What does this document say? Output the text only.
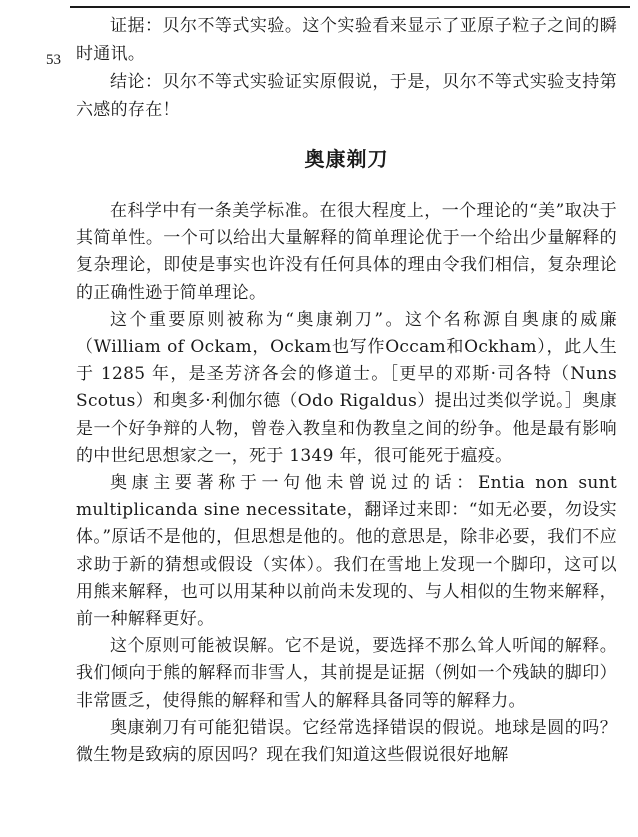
53

证据：贝尔不等式实验。这个实验看来显示了亚原子粒子之间的瞬时通讯。

结论：贝尔不等式实验证实原假说，于是，贝尔不等式实验支持第六感的存在！

奥康剃刀

在科学中有一条美学标准。在很大程度上，一个理论的“美”取决于其简单性。一个可以给出大量解释的简单理论优于一个给出少量解释的复杂理论，即使是事实也许没有任何具体的理由令我们相信，复杂理论的正确性逊于简单理论。

这个重要原则被称为“奥康剃刀”。这个名称源自奥康的威廉（William of Ockam，Ockam也写作Occam和Ockham），此人生于 1285 年，是圣芳济各会的修道士。［更早的邓斯·司各特（Nuns Scotus）和奥多·利伽尔德（Odo Rigaldus）提出过类似学说。］奥康是一个好争辩的人物，曾卷入教皇和伪教皇之间的纷争。他是最有影响的中世纪思想家之一，死于 1349 年，很可能死于瘟疫。

奥康主要著称于一句他未曾说过的话：Entia non sunt multiplicanda sine necessitate，翻译过来即：“如无必要，勿设实体。”原话不是他的，但思想是他的。他的意思是，除非必要，我们不应求助于新的猜想或假设（实体）。我们在雪地上发现一个脚印，这可以用熊来解释，也可以用某种以前尚未发现的、与人相似的生物来解释，前一种解释更好。

这个原则可能被误解。它不是说，要选择不那么耸人听闻的解释。我们倾向于熊的解释而非雪人，其前提是证据（例如一个残缺的脚印）非常匮乏，使得熊的解释和雪人的解释具备同等的解释力。

奥康剃刀有可能犯错误。它经常选择错误的假说。地球是圆的吗？微生物是致病的原因吗？现在我们知道这些假说很好地解
